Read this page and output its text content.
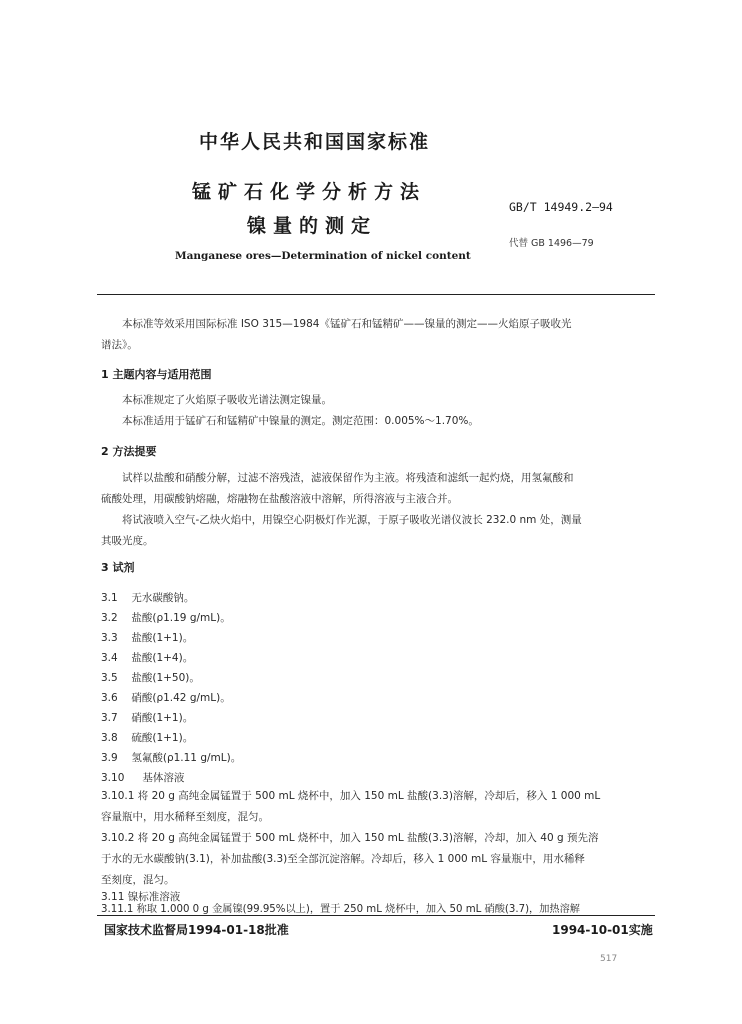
中华人民共和国国家标准
锰矿石化学分析方法
镍量的测定
Manganese ores—Determination of nickel content
GB/T 14949.2—94
代替 GB 1496—79
本标准等效采用国际标准 ISO 315—1984《锰矿石和锰精矿——镍量的测定——火焰原子吸收光
谱法》。
1 主题内容与适用范围
本标准规定了火焰原子吸收光谱法测定镍量。
本标准适用于锰矿石和锰精矿中镍量的测定。测定范围：0.005%～1.70%。
2 方法提要
试样以盐酸和硝酸分解，过滤不溶残渣，滤液保留作为主液。将残渣和滤纸一起灼烧，用氢氟酸和
硫酸处理，用碳酸钠熔融，熔融物在盐酸溶液中溶解，所得溶液与主液合并。
将试液喷入空气-乙炔火焰中，用镍空心阴极灯作光源，于原子吸收光谱仪波长 232.0 nm 处，测量
其吸光度。
3 试剂
3.1 无水碳酸钠。
3.2 盐酸(ρ1.19 g/mL)。
3.3 盐酸(1+1)。
3.4 盐酸(1+4)。
3.5 盐酸(1+50)。
3.6 硝酸(ρ1.42 g/mL)。
3.7 硝酸(1+1)。
3.8 硫酸(1+1)。
3.9 氢氟酸(ρ1.11 g/mL)。
3.10 基体溶液
3.10.1 将 20 g 高纯金属锰置于 500 mL 烧杯中，加入 150 mL 盐酸(3.3)溶解，冷却后，移入 1 000 mL
容量瓶中，用水稀释至刻度，混匀。
3.10.2 将 20 g 高纯金属锰置于 500 mL 烧杯中，加入 150 mL 盐酸(3.3)溶解，冷却，加入 40 g 预先溶
于水的无水碳酸钠(3.1)，补加盐酸(3.3)至全部沉淀溶解。冷却后，移入 1 000 mL 容量瓶中，用水稀释
至刻度，混匀。
3.11 镍标准溶液
3.11.1 称取 1.000 0 g 金属镍(99.95%以上)，置于 250 mL 烧杯中，加入 50 mL 硝酸(3.7)，加热溶解
国家技术监督局1994-01-18批准	1994-10-01实施
517
